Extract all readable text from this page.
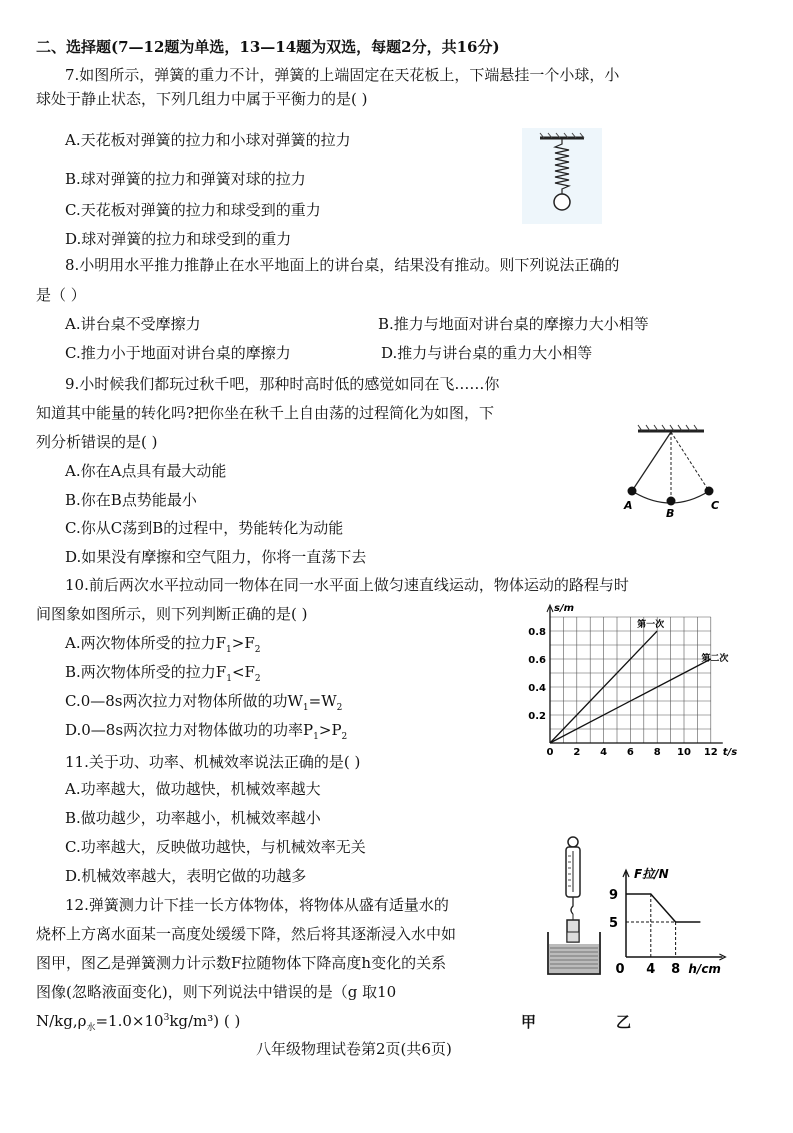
二、选择题(7—12题为单选，13—14题为双选，每题2分，共16分)
7.如图所示，弹簧的重力不计，弹簧的上端固定在天花板上，下端悬挂一个小球，小
球处于静止状态，下列几组力中属于平衡力的是( )
A.天花板对弹簧的拉力和小球对弹簧的拉力
B.球对弹簧的拉力和弹簧对球的拉力
C.天花板对弹簧的拉力和球受到的重力
D.球对弹簧的拉力和球受到的重力
8.小明用水平推力推静止在水平地面上的讲台桌，结果没有推动。则下列说法正确的
是（ ）
A.讲台桌不受摩擦力	B.推力与地面对讲台桌的摩擦力大小相等
C.推力小于地面对讲台桌的摩擦力	D.推力与讲台桌的重力大小相等
9.小时候我们都玩过秋千吧，那种时高时低的感觉如同在飞……你
知道其中能量的转化吗?把你坐在秋千上自由荡的过程简化为如图，下
列分析错误的是( )
A.你在A点具有最大动能
B.你在B点势能最小
C.你从C荡到B的过程中，势能转化为动能
D.如果没有摩擦和空气阻力，你将一直荡下去
A
B
C
10.前后两次水平拉动同一物体在同一水平面上做匀速直线运动，物体运动的路程与时
间图象如图所示，则下列判断正确的是( )
A.两次物体所受的拉力$F_1>F_2$
B.两次物体所受的拉力$F_1<F_2$
C.0—8s两次拉力对物体所做的功$W_1=W_2$
D.0—8s两次拉力对物体做功的功率$P_1>P_2$
0 2 4 6 8 10 12
0.2
0.4
0.6
0.8
s/m
t/s
第一次
第二次
11.关于功、功率、机械效率说法正确的是( )
A.功率越大，做功越快，机械效率越大
B.做功越少，功率越小，机械效率越小
C.功率越大，反映做功越快，与机械效率无关
D.机械效率越大，表明它做的功越多
12.弹簧测力计下挂一长方体物体，将物体从盛有适量水的
烧杯上方离水面某一高度处缓缓下降，然后将其逐渐浸入水中如
图甲，图乙是弹簧测力计示数F拉随物体下降高度h变化的关系
图像(忽略液面变化)，则下列说法中错误的是（g 取10
$N/kg,\rho_水=1.0\times 10^3kg/m^3$) ( )
5
9
0 4 8
F拉/N
h/cm
甲	乙
八年级物理试卷第2页(共6页)
